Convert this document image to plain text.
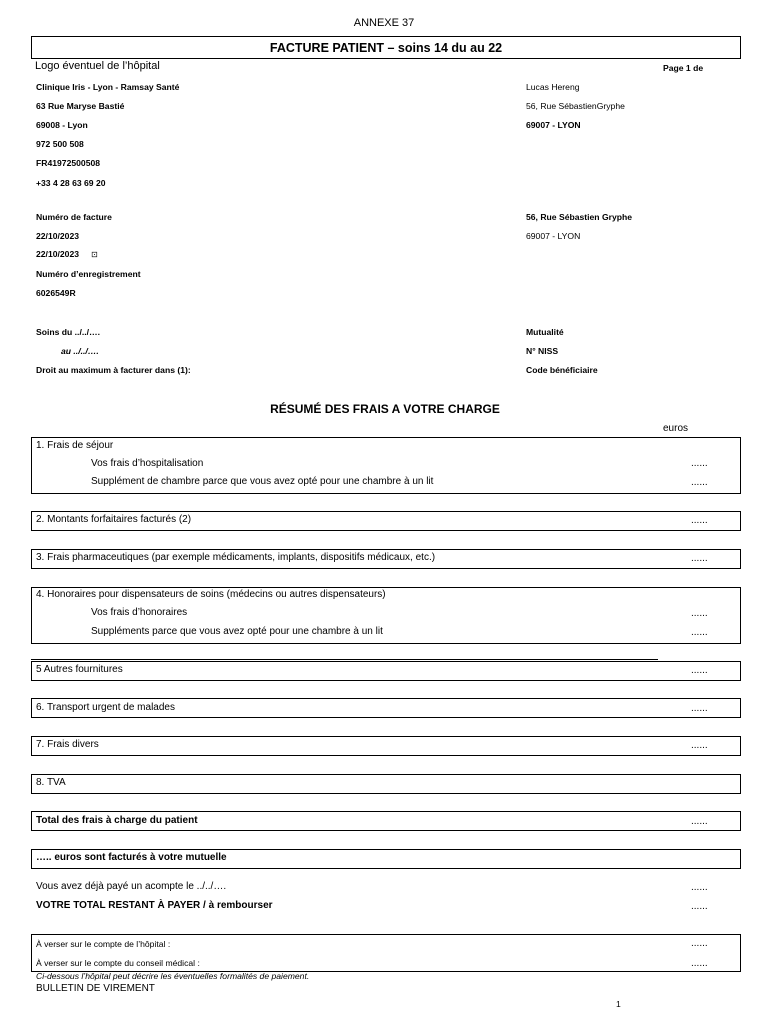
ANNEXE 37
FACTURE PATIENT – soins 14 du au 22
Logo éventuel de l’hôpital	Page 1 de
Clinique Iris - Lyon - Ramsay Santé
63 Rue Maryse Bastié
69008 - Lyon
972 500 508
FR41972500508
+33 4 28 63 69 20
Lucas Hereng
56, Rue SébastienGryphe
69007 - LYON
Numéro de facture
22/10/2023
22/10/2023 ⊡
Numéro d’enregistrement
6026549R
56, Rue Sébastien Gryphe
69007 - LYON
Soins du ../../….
au ../../….
Droit au maximum à facturer dans (1):
Mutualité
N° NISS
Code bénéficiaire
RÉSUMÉ DES FRAIS A VOTRE CHARGE
euros
1. Frais de séjour
Vos frais d’hospitalisation	......
Supplément de chambre parce que vous avez opté pour une chambre à un lit	......
2. Montants forfaitaires facturés (2)	......
3. Frais pharmaceutiques (par exemple médicaments, implants, dispositifs médicaux, etc.)	......
4. Honoraires pour dispensateurs de soins (médecins ou autres dispensateurs)
Vos frais d’honoraires	......
Suppléments parce que vous avez opté pour une chambre à un lit	......
5 Autres fournitures	......
6. Transport urgent de malades	......
7. Frais divers	......
8. TVA
Total des frais à charge du patient	......
….. euros sont facturés à votre mutuelle
Vous avez déjà payé un acompte le ../../….	......
VOTRE TOTAL RESTANT À PAYER / à rembourser	......
À verser sur le compte de l’hôpital :	......
À verser sur le compte du conseil médical :	......
Ci-dessous l’hôpital peut décrire les éventuelles formalités de paiement.
BULLETIN DE VIREMENT
1
